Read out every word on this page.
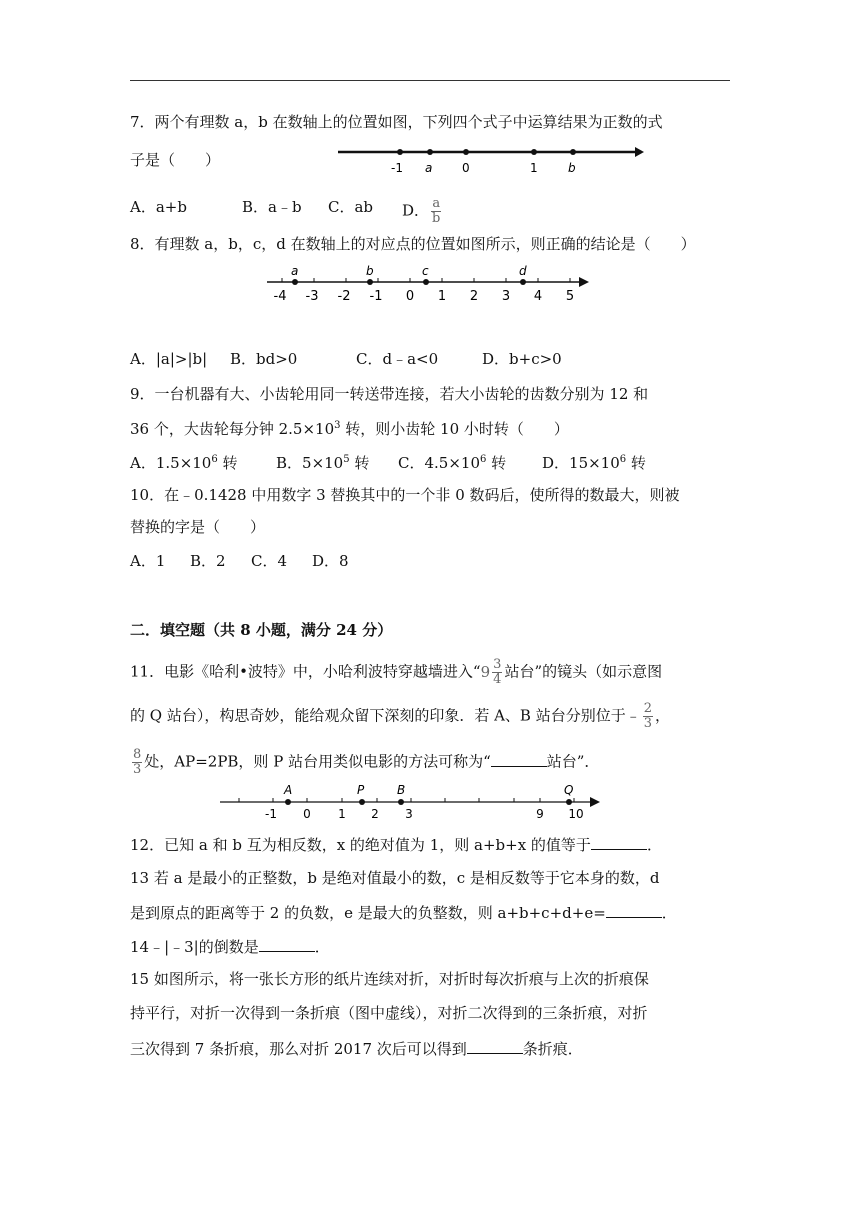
7．两个有理数 a，b 在数轴上的位置如图，下列四个式子中运算结果为正数的式
子是（　　）	-1 a 0	1	b
A．a+b	B．a﹣b C．ab D． $\frac{a}{b}$
8．有理数 a，b，c，d 在数轴上的对应点的位置如图所示，则正确的结论是（　　）
a	b	c	d
-4 -3 -2 -1 0 1 2 3 4 5
A．|a|>|b| B．bd>0	C．d﹣a<0	D．b+c>0
9．一台机器有大、小齿轮用同一转送带连接，若大小齿轮的齿数分别为 12 和
36 个，大齿轮每分钟 $2.5\times 10^3$ 转，则小齿轮 10 小时转（　　）
A．$1.5\times 10^6$ 转	B．$5\times 10^5$ 转 C．$4.5\times 10^6$ 转 D．$15\times 10^6$ 转
10．在﹣0.1428 中用数字 3 替换其中的一个非 0 数码后，使所得的数最大，则被
替换的字是（　　）
A．1 B．2 C．4 D．8
二．填空题（共 8 小题，满分 24 分）
11．电影《哈利•波特》中，小哈利波特穿越墙进入“$9 \frac{3}{4}$ 站台”的镜头（如示意图
的 Q 站台），构思奇妙，能给观众留下深刻的印象．若 A、B 站台分别位于﹣ $\frac{2}{3}$ ，
$\frac{8}{3}$ 处，AP=2PB，则 P 站台用类似电影的方法可称为“	站台”．
A	P	B	Q
-1 0 1 2 3	9 10
12．已知 a 和 b 互为相反数，x 的绝对值为 1，则 a+b+x 的值等于	．
13 若 a 是最小的正整数，b 是绝对值最小的数，c 是相反数等于它本身的数，d
是到原点的距离等于 2 的负数，e 是最大的负整数，则 a+b+c+d+e=	．
14﹣|﹣3|的倒数是	．
15 如图所示，将一张长方形的纸片连续对折，对折时每次折痕与上次的折痕保
持平行，对折一次得到一条折痕（图中虚线），对折二次得到的三条折痕，对折
三次得到 7 条折痕，那么对折 2017 次后可以得到	条折痕．
